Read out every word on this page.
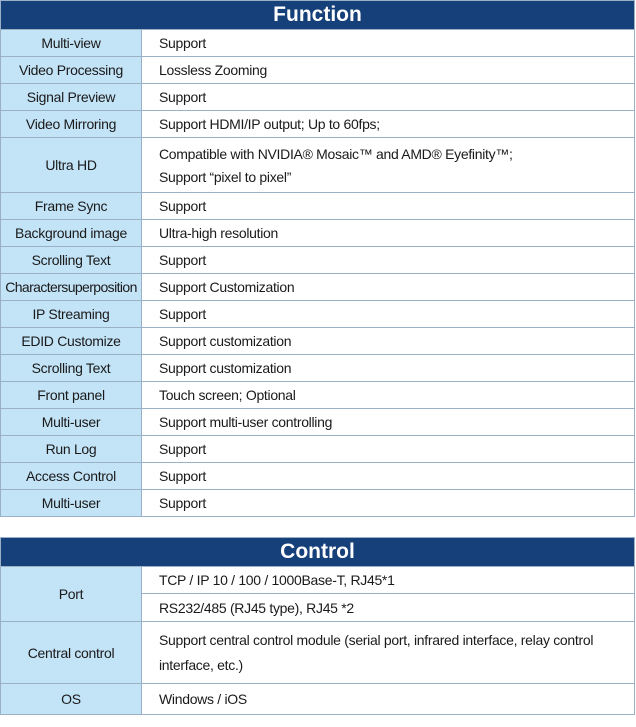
Function	
Multi-view	Support
Video Processing	Lossless Zooming
Signal Preview	Support
Video Mirroring	Support HDMI/IP output; Up to 60fps;
Ultra HD	Compatible with NVIDIA® Mosaic™ and AMD® Eyefinity™;
Support “pixel to pixel”

Frame Sync	Support
Background image	Ultra-high resolution
Scrolling Text	Support
Charactersuperposition	Support Customization
IP Streaming	Support
EDID Customize	Support customization
Scrolling Text	Support customization
Front panel	Touch screen; Optional
Multi-user	Support multi-user controlling
Run Log	Support
Access Control	Support
Multi-user	Support
Control	
Port	TCP / IP 10 / 100 / 1000Base-T, RJ45*1
	RS232/485 (RJ45 type), RJ45 *2
Central control	Support central control module (serial port, infrared interface, relay control
interface, etc.)

OS	Windows / iOS
